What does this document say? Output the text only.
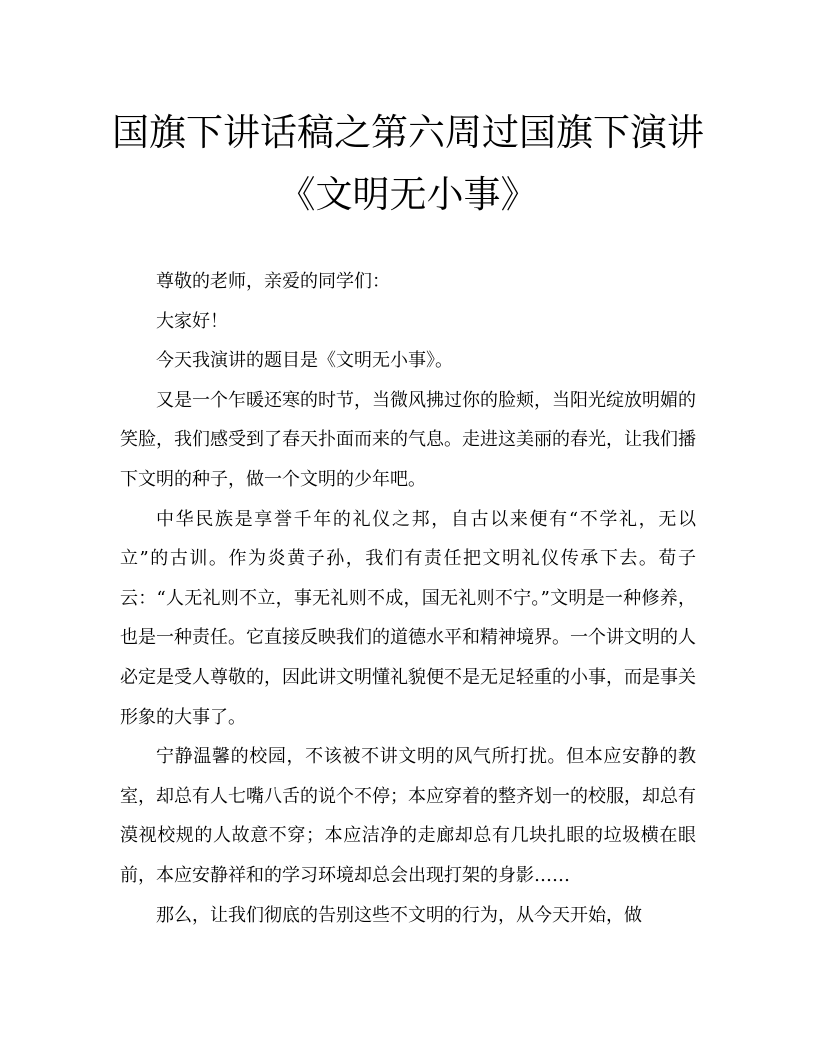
国旗下讲话稿之第六周过国旗下演讲
《文明无小事》

尊敬的老师，亲爱的同学们：

大家好！

今天我演讲的题目是《文明无小事》。

又是一个乍暖还寒的时节，当微风拂过你的脸颊，当阳光绽放明媚的笑脸，我们感受到了春天扑面而来的气息。走进这美丽的春光，让我们播下文明的种子，做一个文明的少年吧。

中华民族是享誉千年的礼仪之邦，自古以来便有“不学礼，无以立”的古训。作为炎黄子孙，我们有责任把文明礼仪传承下去。荀子云：“人无礼则不立，事无礼则不成，国无礼则不宁。”文明是一种修养，也是一种责任。它直接反映我们的道德水平和精神境界。一个讲文明的人必定是受人尊敬的，因此讲文明懂礼貌便不是无足轻重的小事，而是事关形象的大事了。

宁静温馨的校园，不该被不讲文明的风气所打扰。但本应安静的教室，却总有人七嘴八舌的说个不停；本应穿着的整齐划一的校服，却总有漠视校规的人故意不穿；本应洁净的走廊却总有几块扎眼的垃圾横在眼前，本应安静祥和的学习环境却总会出现打架的身影……

那么，让我们彻底的告别这些不文明的行为，从今天开始，做
